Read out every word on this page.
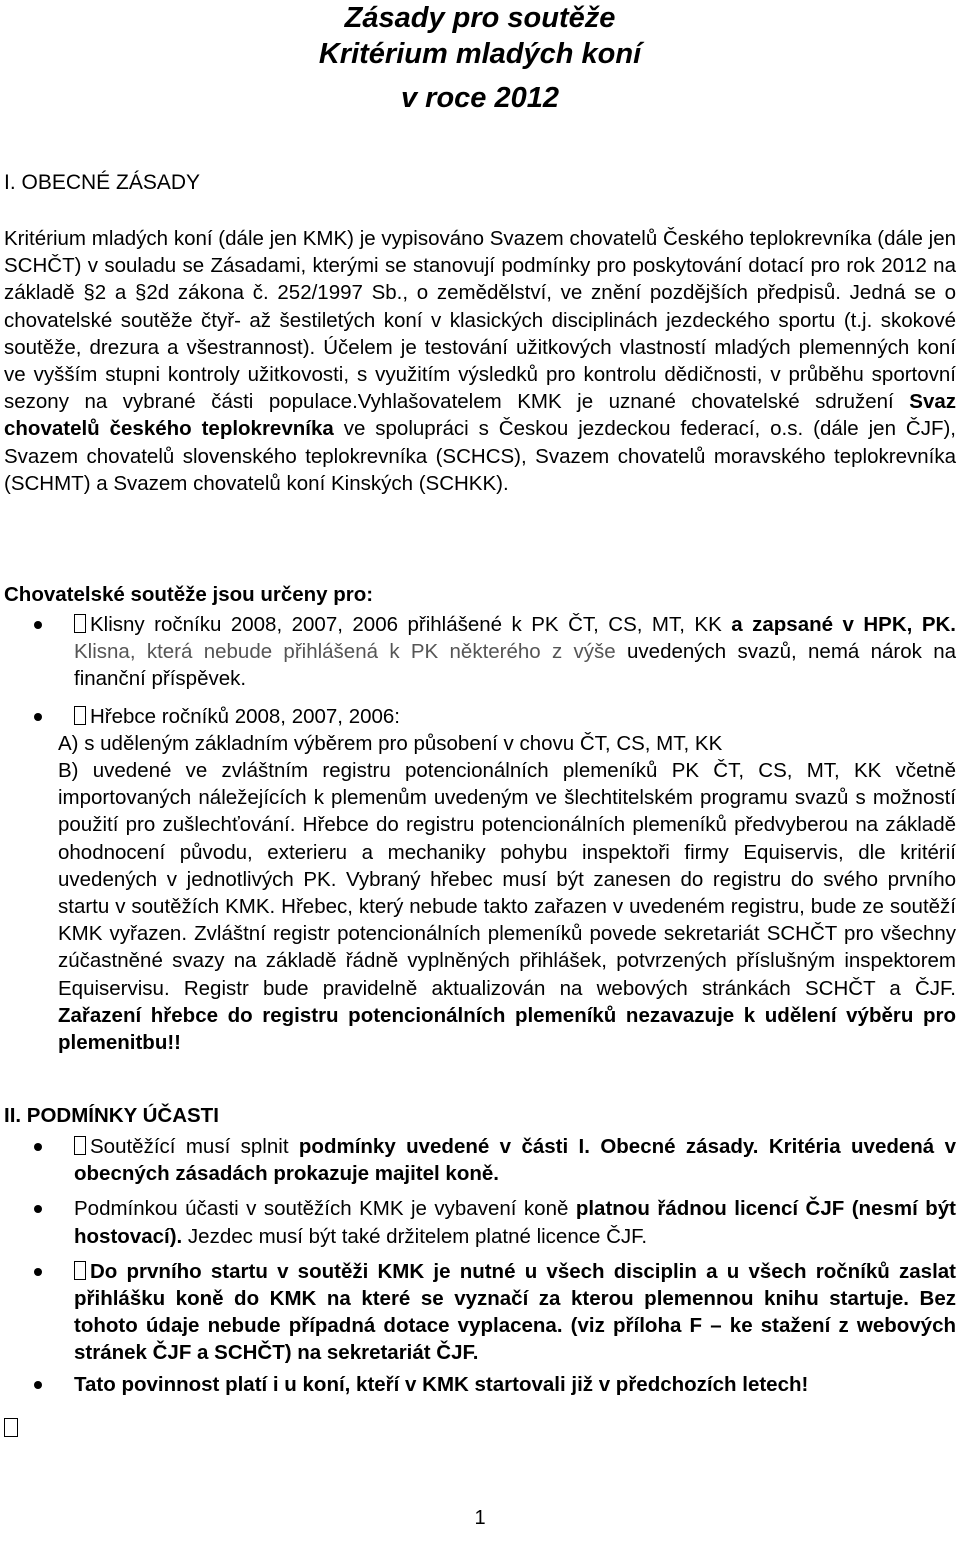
Zásady pro soutěže
Kritérium mladých koní
v roce 2012
I. OBECNÉ ZÁSADY
Kritérium mladých koní (dále jen KMK) je vypisováno Svazem chovatelů Českého teplokrevníka (dále jen SCHČT) v souladu se Zásadami, kterými se stanovují podmínky pro poskytování dotací pro rok 2012 na základě §2 a §2d zákona č. 252/1997 Sb., o zemědělství, ve znění pozdějších předpisů. Jedná se o chovatelské soutěže čtyř- až šestiletých koní v klasických disciplinách jezdeckého sportu (t.j. skokové soutěže, drezura a všestrannost). Účelem je testování užitkových vlastností mladých plemenných koní ve vyšším stupni kontroly užitkovosti, s využitím výsledků pro kontrolu dědičnosti, v průběhu sportovní sezony na vybrané části populace.Vyhlašovatelem KMK je uznané chovatelské sdružení Svaz chovatelů českého teplokrevníka ve spolupráci s Českou jezdeckou federací, o.s. (dále jen ČJF), Svazem chovatelů slovenského teplokrevníka (SCHCS), Svazem chovatelů moravského teplokrevníka (SCHMT) a Svazem chovatelů koní Kinských (SCHKK).
Chovatelské soutěže jsou určeny pro:
Klisny ročníku 2008, 2007, 2006 přihlášené k PK ČT, CS, MT, KK a zapsané v HPK, PK. Klisna, která nebude přihlášená k PK některého z výše uvedených svazů, nemá nárok na finanční příspěvek.
Hřebce ročníků 2008, 2007, 2006:
A) s uděleným základním výběrem pro působení v chovu ČT, CS, MT, KK
B) uvedené ve zvláštním registru potencionálních plemeníků PK ČT, CS, MT, KK včetně importovaných náležejících k plemenům uvedeným ve šlechtitelském programu svazů s možností použití pro zušlechťování. Hřebce do registru potencionálních plemeníků předvyberou na základě ohodnocení původu, exterieru a mechaniky pohybu inspektoři firmy Equiservis, dle kritérií uvedených v jednotlivých PK. Vybraný hřebec musí být zanesen do registru do svého prvního startu v soutěžích KMK. Hřebec, který nebude takto zařazen v uvedeném registru, bude ze soutěží KMK vyřazen. Zvláštní registr potencionálních plemeníků povede sekretariát SCHČT pro všechny zúčastněné svazy na základě řádně vyplněných přihlášek, potvrzených příslušným inspektorem Equiservisu. Registr bude pravidelně aktualizován na webových stránkách SCHČT a ČJF. Zařazení hřebce do registru potencionálních plemeníků nezavazuje k udělení výběru pro plemenitbu!!
II. PODMÍNKY ÚČASTI
Soutěžící musí splnit podmínky uvedené v části I. Obecné zásady. Kritéria uvedená v obecných zásadách prokazuje majitel koně.
Podmínkou účasti v soutěžích KMK je vybavení koně platnou řádnou licencí ČJF (nesmí být hostovací). Jezdec musí být také držitelem platné licence ČJF.
Do prvního startu v soutěži KMK je nutné u všech disciplin a u všech ročníků zaslat přihlášku koně do KMK na které se vyznačí za kterou plemennou knihu startuje. Bez tohoto údaje nebude případná dotace vyplacena. (viz příloha F – ke stažení z webových stránek ČJF a SCHČT) na sekretariát ČJF.
Tato povinnost platí i u koní, kteří v KMK startovali již v předchozích letech!
1
